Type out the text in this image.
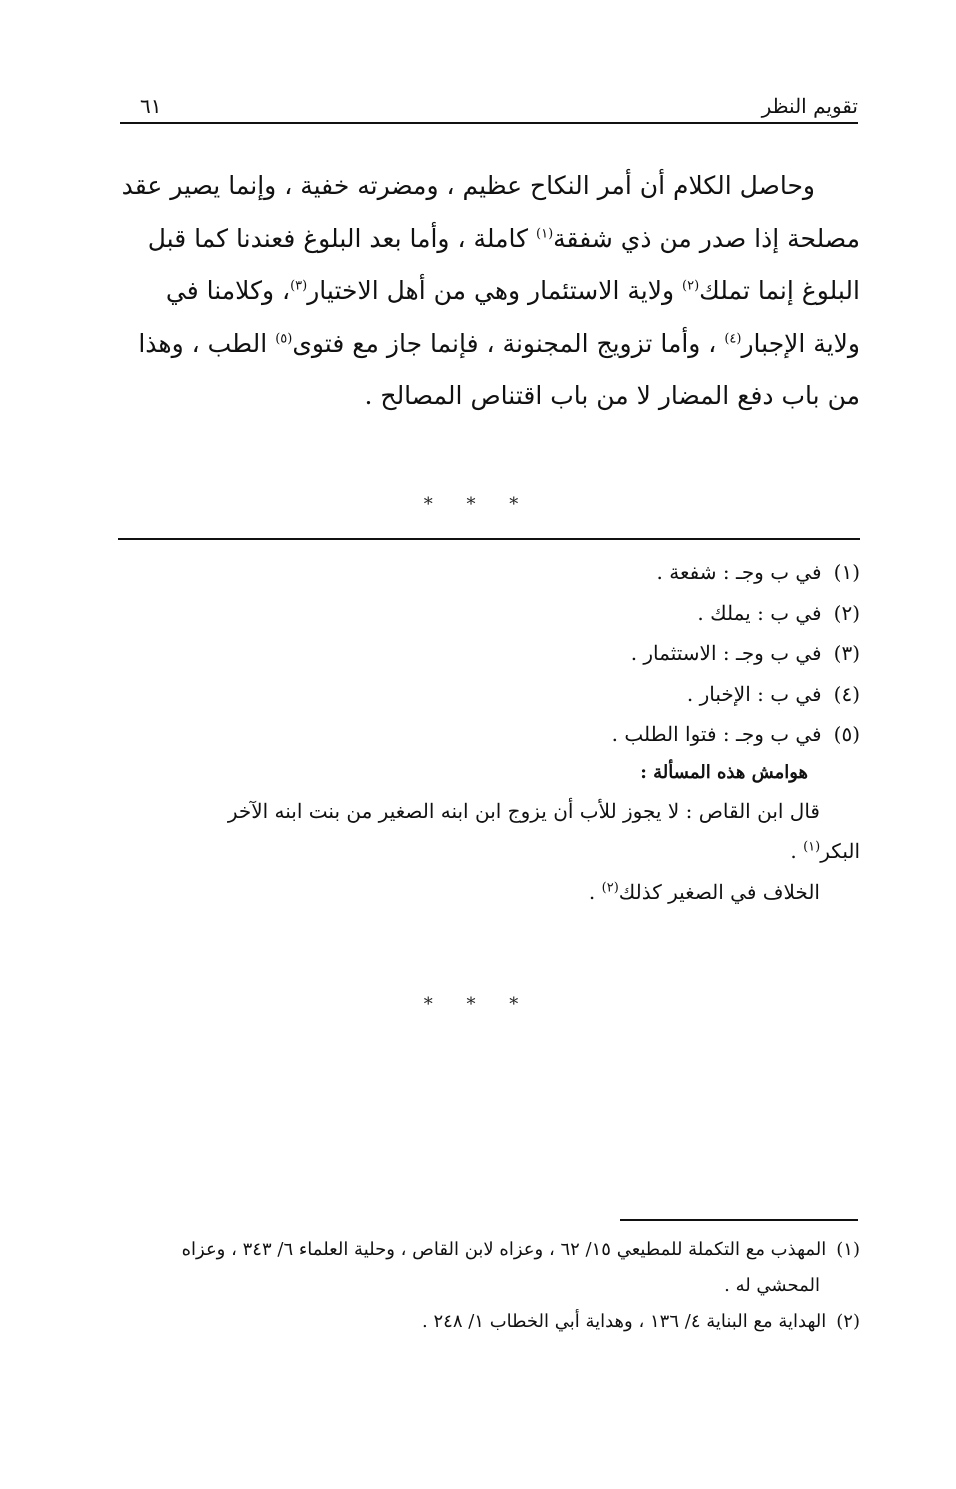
تقويم النظر
٦١

وحاصل الكلام أن أمر النكاح عظيم ، ومضرته خفية ، وإنما يصير عقد

مصلحة إذا صدر من ذي شفقة$^{(١)}$ كاملة ، وأما بعد البلوغ فعندنا كما قبل

البلوغ إنما تملك$^{(٢)}$ ولاية الاستئمار وهي من أهل الاختيار$^{(٣)}$، وكلامنا في

ولاية الإجبار$^{(٤)}$ ، وأما تزويج المجنونة ، فإنما جاز مع فتوى$^{(٥)}$ الطب ، وهذا

من باب دفع المضار لا من باب اقتناص المصالح .

* * *
(١)
في ب وجـ : شفعة .
(٢)
في ب : يملك .
(٣)
في ب وجـ : الاستثمار .
(٤)
في ب : الإخبار .
(٥)
في ب وجـ : فتوا الطلب .
هوامش هذه المسألة :
قال ابن القاص : لا يجوز للأب أن يزوج ابن ابنه الصغير من بنت ابنه الآخر
البكر$^{(١)}$ .
الخلاف في الصغير كذلك$^{(٢)}$ .
* * *
(١)
المهذب مع التكملة للمطيعي ١٥/ ٦٢ ، وعزاه لابن القاص ، وحلية العلماء ٦/ ٣٤٣ ، وعزاه
المحشي له .
(٢)
الهداية مع البناية ٤/ ١٣٦ ، وهداية أبي الخطاب ١/ ٢٤٨ .
